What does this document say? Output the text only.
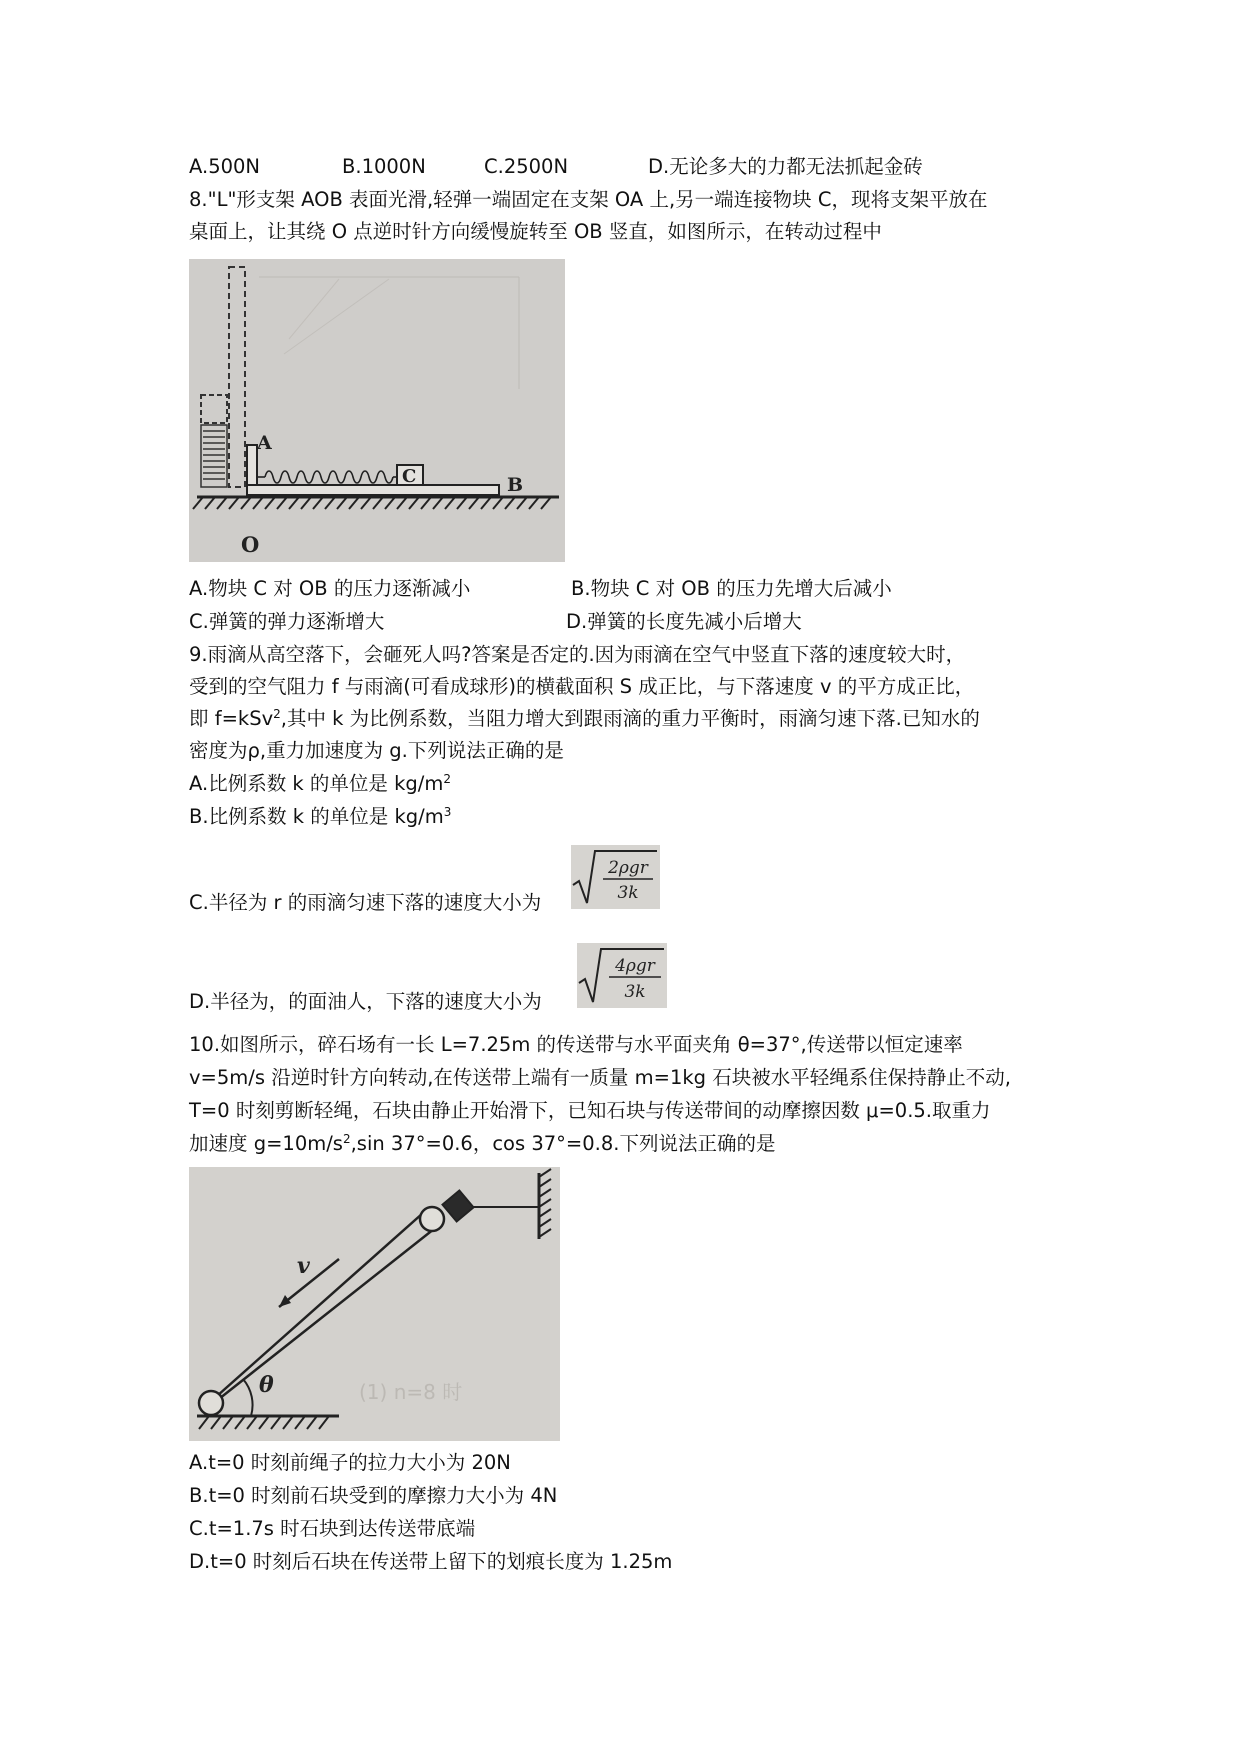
A.500N	B.1000N	C.2500N	D.无论多大的力都无法抓起金砖
8."L"形支架 AOB 表面光滑,轻弹一端固定在支架 OA 上,另一端连接物块 C，现将支架平放在
桌面上，让其绕 O 点逆时针方向缓慢旋转至 OB 竖直，如图所示，在转动过程中
C
A
B
O
A.物块 C 对 OB 的压力逐渐减小	B.物块 C 对 OB 的压力先增大后减小
C.弹簧的弹力逐渐增大	D.弹簧的长度先减小后增大
9.雨滴从高空落下，会砸死人吗?答案是否定的.因为雨滴在空气中竖直下落的速度较大时，
受到的空气阻力 f 与雨滴(可看成球形)的横截面积 S 成正比，与下落速度 v 的平方成正比，
即 f=kSv$^2$,其中 k 为比例系数，当阻力增大到跟雨滴的重力平衡时，雨滴匀速下落.已知水的
密度为ρ,重力加速度为 g.下列说法正确的是
A.比例系数 k 的单位是 $kg/m^2$
B.比例系数 k 的单位是 $kg/m^3$
C.半径为 r 的雨滴匀速下落的速度大小为
2ρgr
3k
D.半径为，的面油人，下落的速度大小为
4ρgr
3k
10.如图所示，碎石场有一长 L=7.25m 的传送带与水平面夹角 θ=37°,传送带以恒定速率
v=5m/s 沿逆时针方向转动,在传送带上端有一质量 m=1kg 石块被水平轻绳系住保持静止不动,
T=0 时刻剪断轻绳，石块由静止开始滑下，已知石块与传送带间的动摩擦因数 μ=0.5.取重力
加速度 $g=10m/s^2,\sin$ 37°=0.6，cos 37°=0.8.下列说法正确的是
(1) n=8 时
v
θ
A.t=0 时刻前绳子的拉力大小为 20N
B.t=0 时刻前石块受到的摩擦力大小为 4N
C.t=1.7s 时石块到达传送带底端
D.t=0 时刻后石块在传送带上留下的划痕长度为 1.25m
